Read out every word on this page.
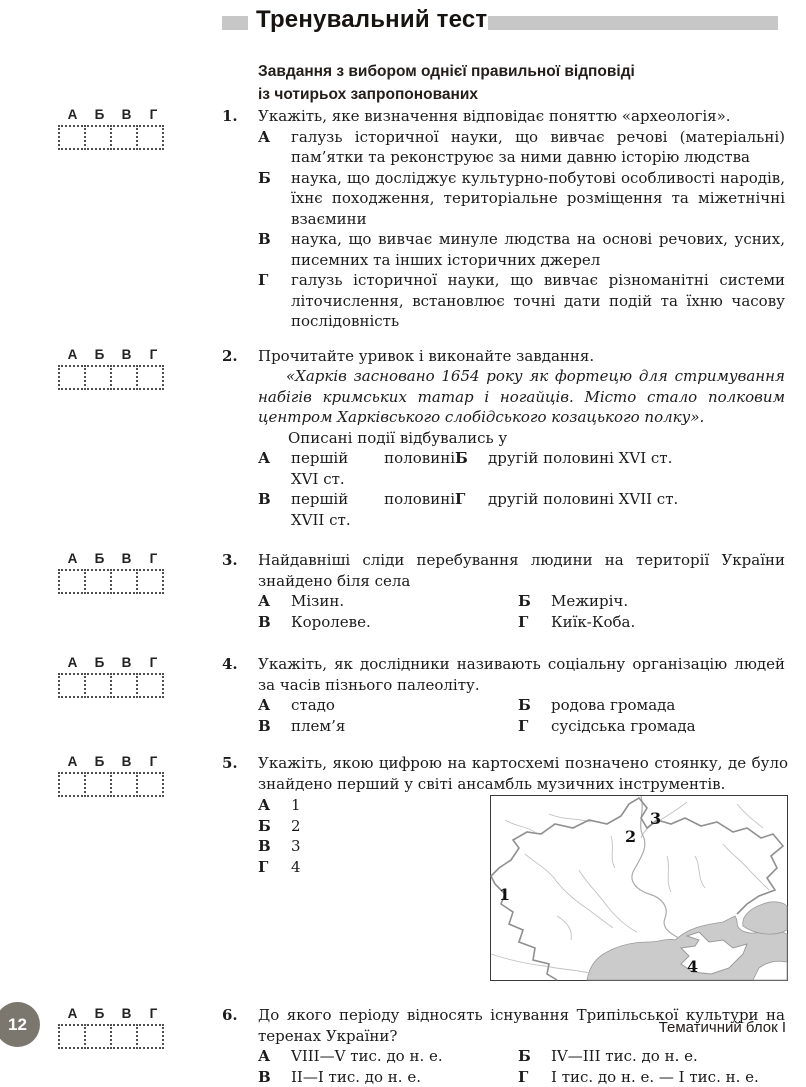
Тренувальний тест
Завдання з вибором однієї правильної відповіді
із чотирьох запропонованих
А	Б	В	Г	1.	Укажіть, яке визначення відповідає поняттю «археологія».

А	галузь історичної науки, що вивчає речові (матеріальні) пам’ятки та реконструює за ними давню історію людства
Б	наука, що досліджує культурно-побутові особливості народів, їхнє походження, територіальне розміщення та міжетнічні взаємини
В	наука, що вивчає минуле людства на основі речових, усних, писемних та інших історичних джерел
Г	галузь історичної науки, що вивчає різноманітні системи літочислення, встановлює точні дати подій та їхню часову послідовність
А	Б	В	Г	2.	Прочитайте уривок і виконайте завдання.

«Харків засновано 1654 року як фортецю для стримування набігів кримських татар і ногайців. Місто стало полковим центром Харківського слобідського козацького полку».

Описані події відбувались у

А	першій половині XVI ст.
Б	другій половині XVI ст.
В	першій половині XVII ст.
Г	другій половині XVII ст.
А	Б	В	Г	3.	Найдавніші сліди перебування людини на території України знайдено біля села

А	Мізин.	Б	Межиріч.
В	Королеве.	Г	Киїк-Коба.
А	Б	В	Г	4.	Укажіть, як дослідники називають соціальну організацію людей за часів пізнього палеоліту.

А	стадо	Б	родова громада
В	плем’я	Г	сусідська громада
А	Б	В	Г	5.	Укажіть, якою цифрою на картосхемі позначено стоянку, де було знайдено перший у світі ансамбль музичних інструментів.

А	1
Б	2
В	3
Г	4
1
2
3
4
А	Б	В	Г	6.	До якого періоду відносять існування Трипільської культури на теренах України?

А	VIII—V тис. до н. е.	Б	IV—III тис. до н. е.
В	II—I тис. до н. е.	Г	I тис. до н. е. — I тис. н. е.
12	Тематичний блок I
